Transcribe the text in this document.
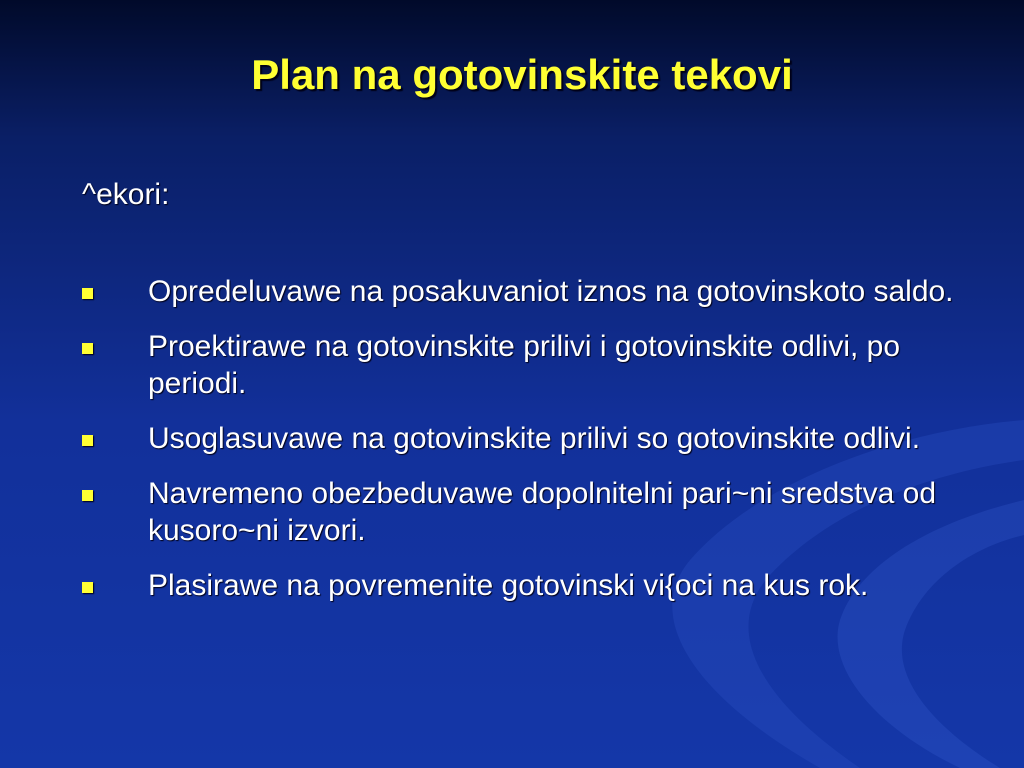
Plan na gotovinskite tekovi
^ekori:
Opredeluvawe na posakuvaniot iznos na gotovinskoto saldo.
Proektirawe na gotovinskite prilivi i gotovinskite odlivi, po periodi.
Usoglasuvawe na gotovinskite prilivi so gotovinskite odlivi.
Navremeno obezbeduvawe dopolnitelni pari~ni sredstva od kusoro~ni izvori.
Plasirawe na povremenite gotovinski vi{oci na kus rok.
